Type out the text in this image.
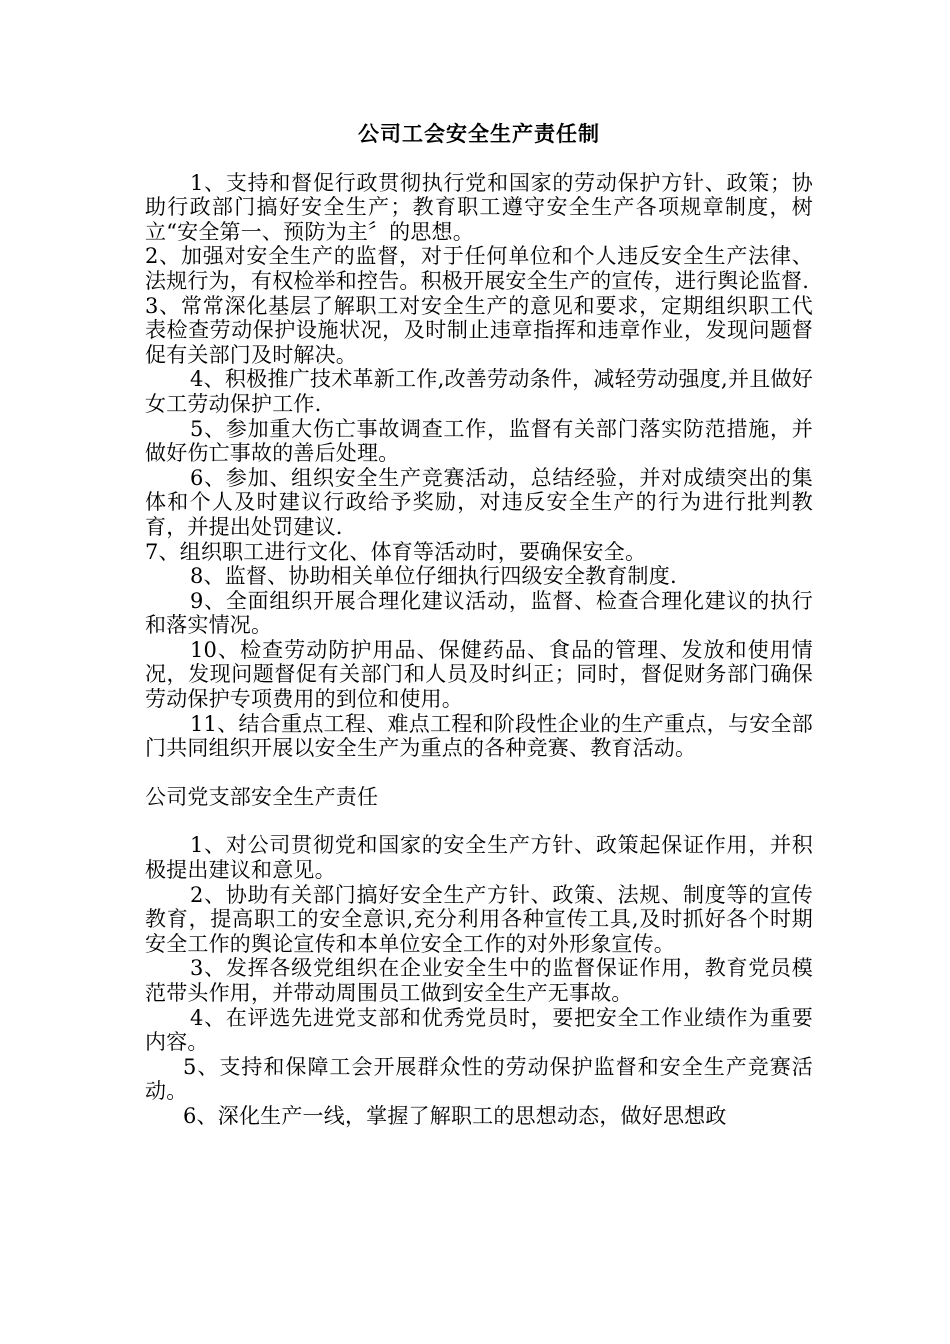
公司工会安全生产责任制

1、支持和督促行政贯彻执行党和国家的劳动保护方针、政策；协助行政部门搞好安全生产；教育职工遵守安全生产各项规章制度，树立“安全第一、预防为主〞的思想。

2、加强对安全生产的监督，对于任何单位和个人违反安全生产法律、法规行为，有权检举和控告。积极开展安全生产的宣传，进行舆论监督.

3、常常深化基层了解职工对安全生产的意见和要求，定期组织职工代表检查劳动保护设施状况，及时制止违章指挥和违章作业，发现问题督促有关部门及时解决。

4、积极推广技术革新工作,改善劳动条件，减轻劳动强度,并且做好女工劳动保护工作.

5、参加重大伤亡事故调查工作，监督有关部门落实防范措施，并做好伤亡事故的善后处理。

6、参加、组织安全生产竞赛活动，总结经验，并对成绩突出的集体和个人及时建议行政给予奖励，对违反安全生产的行为进行批判教育，并提出处罚建议.

7、组织职工进行文化、体育等活动时，要确保安全。

8、监督、协助相关单位仔细执行四级安全教育制度.

9、全面组织开展合理化建议活动，监督、检查合理化建议的执行和落实情况。

10、检查劳动防护用品、保健药品、食品的管理、发放和使用情况，发现问题督促有关部门和人员及时纠正；同时，督促财务部门确保劳动保护专项费用的到位和使用。

11、结合重点工程、难点工程和阶段性企业的生产重点，与安全部门共同组织开展以安全生产为重点的各种竞赛、教育活动。

公司党支部安全生产责任

1、对公司贯彻党和国家的安全生产方针、政策起保证作用，并积极提出建议和意见。

2、协助有关部门搞好安全生产方针、政策、法规、制度等的宣传教育，提高职工的安全意识,充分利用各种宣传工具,及时抓好各个时期安全工作的舆论宣传和本单位安全工作的对外形象宣传。

3、发挥各级党组织在企业安全生中的监督保证作用，教育党员模范带头作用，并带动周围员工做到安全生产无事故。

4、在评选先进党支部和优秀党员时，要把安全工作业绩作为重要内容。

5、支持和保障工会开展群众性的劳动保护监督和安全生产竞赛活动。

6、深化生产一线，掌握了解职工的思想动态，做好思想政
